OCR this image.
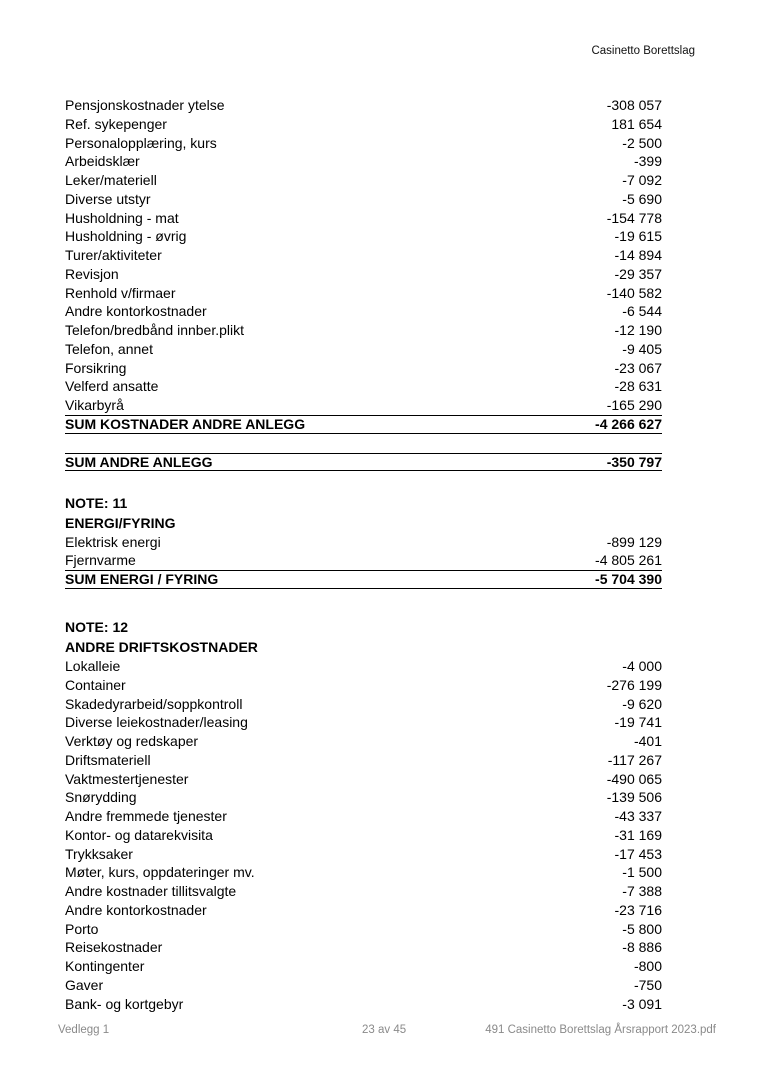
Casinetto Borettslag
Pensjonskostnader ytelse	-308 057
Ref. sykepenger	181 654
Personalopplæring, kurs	-2 500
Arbeidsklær	-399
Leker/materiell	-7 092
Diverse utstyr	-5 690
Husholdning - mat	-154 778
Husholdning - øvrig	-19 615
Turer/aktiviteter	-14 894
Revisjon	-29 357
Renhold v/firmaer	-140 582
Andre kontorkostnader	-6 544
Telefon/bredbånd innber.plikt	-12 190
Telefon, annet	-9 405
Forsikring	-23 067
Velferd ansatte	-28 631
Vikarbyrå	-165 290
SUM KOSTNADER ANDRE ANLEGG	-4 266 627
SUM ANDRE ANLEGG	-350 797
NOTE: 11
ENERGI/FYRING
Elektrisk energi	-899 129
Fjernvarme	-4 805 261
SUM ENERGI / FYRING	-5 704 390
NOTE: 12
ANDRE DRIFTSKOSTNADER
Lokalleie	-4 000
Container	-276 199
Skadedyrarbeid/soppkontroll	-9 620
Diverse leiekostnader/leasing	-19 741
Verktøy og redskaper	-401
Driftsmateriell	-117 267
Vaktmestertjenester	-490 065
Snørydding	-139 506
Andre fremmede tjenester	-43 337
Kontor- og datarekvisita	-31 169
Trykksaker	-17 453
Møter, kurs, oppdateringer mv.	-1 500
Andre kostnader tillitsvalgte	-7 388
Andre kontorkostnader	-23 716
Porto	-5 800
Reisekostnader	-8 886
Kontingenter	-800
Gaver	-750
Bank- og kortgebyr	-3 091
Vedlegg 1	23 av 45	491 Casinetto Borettslag Årsrapport 2023.pdf
